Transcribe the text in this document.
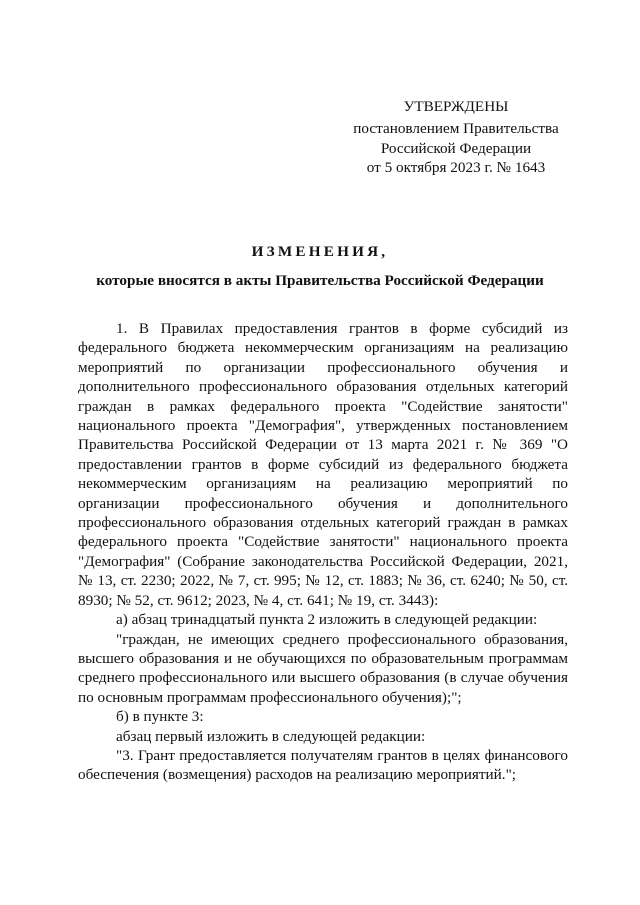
УТВЕРЖДЕНЫ
постановлением Правительства
Российской Федерации
от 5 октября 2023 г. № 1643
ИЗМЕНЕНИЯ,
которые вносятся в акты Правительства Российской Федерации

1. В Правилах предоставления грантов в форме субсидий из федерального бюджета некоммерческим организациям на реализацию мероприятий по организации профессионального обучения и дополнительного профессионального образования отдельных категорий граждан в рамках федерального проекта "Содействие занятости" национального проекта "Демография", утвержденных постановлением Правительства Российской Федерации от 13 марта 2021 г. № 369 "О предоставлении грантов в форме субсидий из федерального бюджета некоммерческим организациям на реализацию мероприятий по организации профессионального обучения и дополнительного профессионального образования отдельных категорий граждан в рамках федерального проекта "Содействие занятости" национального проекта "Демография" (Собрание законодательства Российской Федерации, 2021, № 13, ст. 2230; 2022, № 7, ст. 995; № 12, ст. 1883; № 36, ст. 6240; № 50, ст. 8930; № 52, ст. 9612; 2023, № 4, ст. 641; № 19, ст. 3443):

а) абзац тринадцатый пункта 2 изложить в следующей редакции:

"граждан, не имеющих среднего профессионального образования, высшего образования и не обучающихся по образовательным программам среднего профессионального или высшего образования (в случае обучения по основным программам профессионального обучения);";

б) в пункте 3:

абзац первый изложить в следующей редакции:

"3. Грант предоставляется получателям грантов в целях финансового обеспечения (возмещения) расходов на реализацию мероприятий.";
